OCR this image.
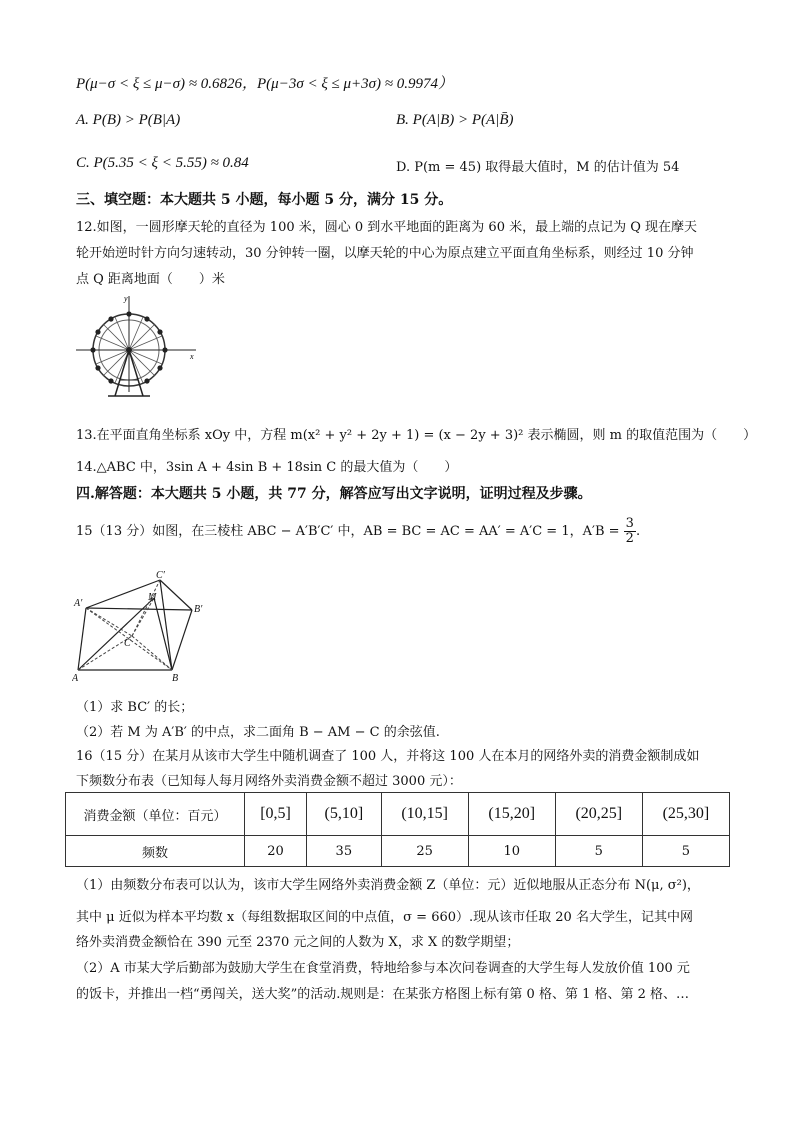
P(μ−σ < ξ ≤ μ−σ) ≈ 0.6826，P(μ−3σ < ξ ≤ μ+3σ) ≈ 0.9974）
A. P(B) > P(B|A)	B. P(A|B) > P(A|B̄)
C. P(5.35 < ξ < 5.55) ≈ 0.84	D. P(m = 45) 取得最大值时，M 的估计值为 54
三、填空题：本大题共 5 小题，每小题 5 分，满分 15 分。
12.如图，一圆形摩天轮的直径为 100 米，圆心 0 到水平地面的距离为 60 米，最上端的点记为 Q 现在摩天
轮开始逆时针方向匀速转动，30 分钟转一圈，以摩天轮的中心为原点建立平面直角坐标系，则经过 10 分钟
点 Q 距离地面（　　）米
y
x
13.在平面直角坐标系 xOy 中，方程 m(x² + y² + 2y + 1) = (x − 2y + 3)² 表示椭圆，则 m 的取值范围为（　　）
14.△ABC 中，3sin A + 4sin B + 18sin C 的最大值为（　　）
四.解答题：本大题共 5 小题，共 77 分，解答应写出文字说明，证明过程及步骤。
15（13 分）如图，在三棱柱 ABC − A′B′C′ 中，AB = BC = AC = AA′ = A′C = 1，$A'B = \frac{3}{2}$ .
C′
A′
B′
M
C
A	B
（1）求 BC′ 的长；
（2）若 M 为 A′B′ 的中点，求二面角 B − AM − C 的余弦值.
16（15 分）在某月从该市大学生中随机调查了 100 人，并将这 100 人在本月的网络外卖的消费金额制成如
下频数分布表（已知每人每月网络外卖消费金额不超过 3000 元）：
消费金额（单位：百元）	[0,5]	(5,10]	(10,15]	(15,20]	(20,25]	(25,30]
频数	20	35	25	10	5	5
（1）由频数分布表可以认为，该市大学生网络外卖消费金额 Z（单位：元）近似地服从正态分布 N(μ, σ²)，
其中 μ 近似为样本平均数 x（每组数据取区间的中点值，σ = 660）.现从该市任取 20 名大学生，记其中网
络外卖消费金额恰在 390 元至 2370 元之间的人数为 X，求 X 的数学期望；
（2）A 市某大学后勤部为鼓励大学生在食堂消费，特地给参与本次问卷调查的大学生每人发放价值 100 元
的饭卡，并推出一档“勇闯关，送大奖”的活动.规则是：在某张方格图上标有第 0 格、第 1 格、第 2 格、…
